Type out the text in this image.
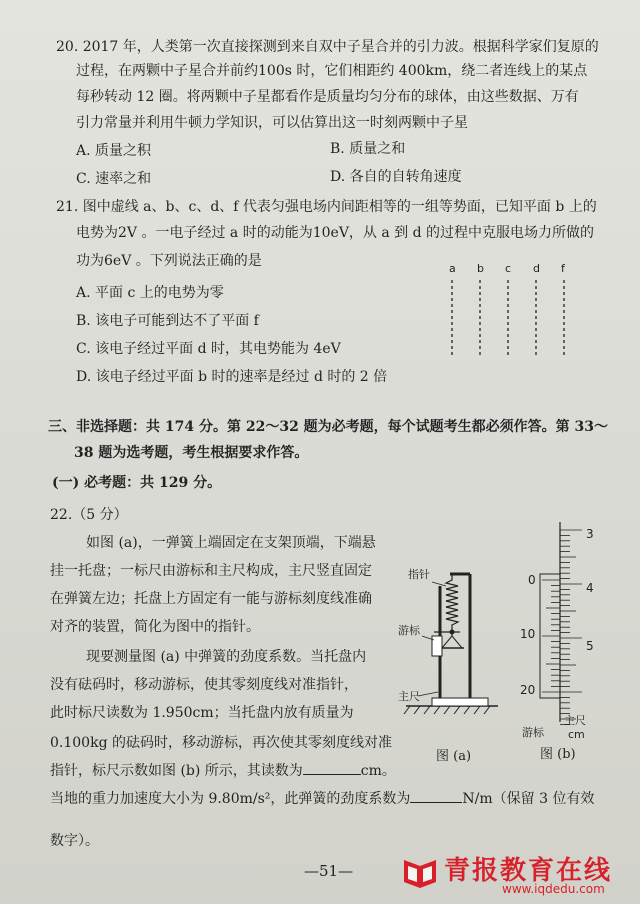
20. 2017 年，人类第一次直接探测到来自双中子星合并的引力波。根据科学家们复原的
过程，在两颗中子星合并前约100s 时，它们相距约 400km，绕二者连线上的某点
每秒转动 12 圈。将两颗中子星都看作是质量均匀分布的球体，由这些数据、万有
引力常量并利用牛顿力学知识，可以估算出这一时刻两颗中子星
A. 质量之积	B. 质量之和
C. 速率之和	D. 各自的自转角速度
21. 图中虚线 a、b、c、d、f 代表匀强电场内间距相等的一组等势面，已知平面 b 上的
电势为2V 。一电子经过 a 时的动能为10eV，从 a 到 d 的过程中克服电场力所做的
功为6eV 。下列说法正确的是
A. 平面 c 上的电势为零
B. 该电子可能到达不了平面 f
C. 该电子经过平面 d 时，其电势能为 4eV
D. 该电子经过平面 b 时的速率是经过 d 时的 2 倍
a b c d f
三、非选择题：共 174 分。第 22～32 题为必考题，每个试题考生都必须作答。第 33～
38 题为选考题，考生根据要求作答。
(一) 必考题：共 129 分。
22.（5 分）
如图 (a)，一弹簧上端固定在支架顶端，下端悬
挂一托盘；一标尺由游标和主尺构成，主尺竖直固定
在弹簧左边；托盘上方固定有一能与游标刻度线准确
对齐的装置，简化为图中的指针。
现要测量图 (a) 中弹簧的劲度系数。当托盘内
没有砝码时，移动游标，使其零刻度线对准指针，
此时标尺读数为 1.950cm；当托盘内放有质量为
0.100kg 的砝码时，移动游标，再次使其零刻度线对准
指针，标尺示数如图 (b) 所示，其读数为	cm。
当地的重力加速度大小为 9.80m/s²，此弹簧的劲度系数为	N/m（保留 3 位有效
数字）。
指针
游标
主尺
图 (a)
3
4
5
0
10
20
游标
主尺
cm
图 (b)
—51—	青报教育在线
www.iqdedu.com
